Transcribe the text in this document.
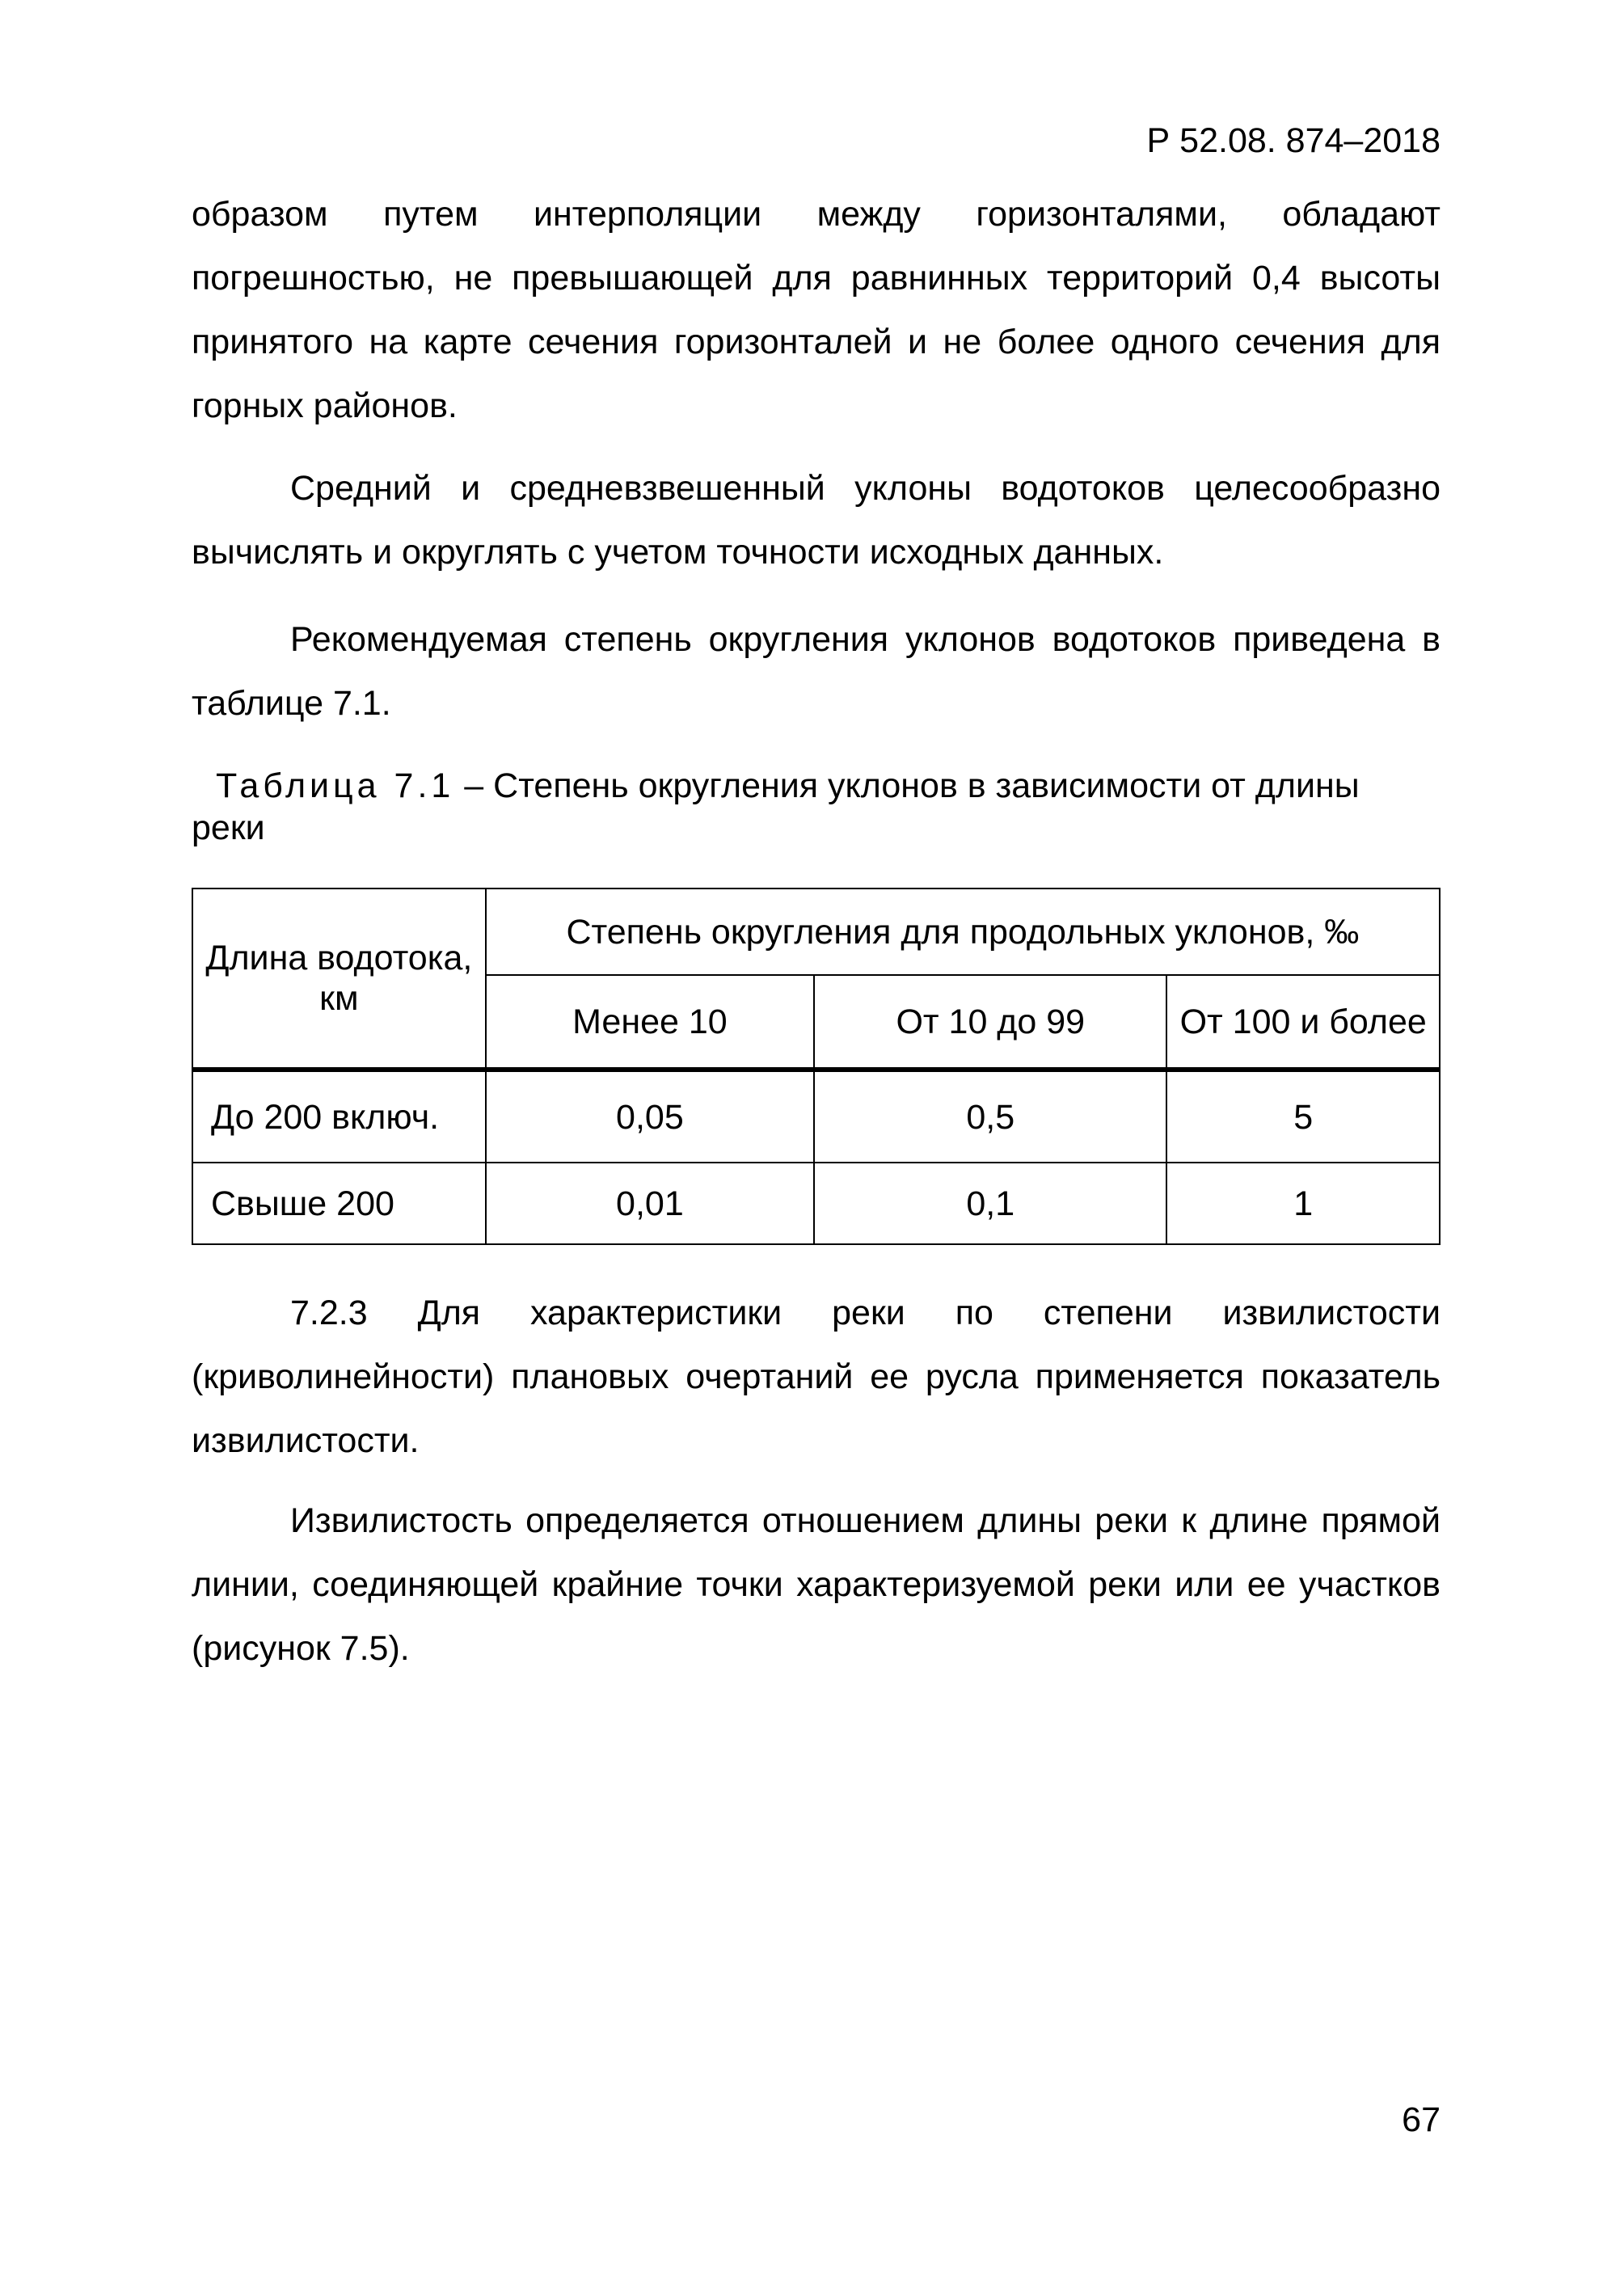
Р 52.08. 874–2018
образом путем интерполяции между горизонталями, обладают погрешностью, не превышающей для равнинных территорий 0,4 высоты принятого на карте сечения горизонталей и не более одного сечения для горных районов.
Средний и средневзвешенный уклоны водотоков целесообразно вычислять и округлять с учетом точности исходных данных.
Рекомендуемая степень округления уклонов водотоков приведена в таблице 7.1.
Таблица 7.1 – Степень округления уклонов в зависимости от длины реки
Длина водотока, км	Степень округления для продольных уклонов, ‰		
	Менее 10	От 10 до 99	От 100 и более
До 200 включ.	0,05	0,5	5
Свыше 200	0,01	0,1	1
7.2.3 Для характеристики реки по степени извилистости (криволинейности) плановых очертаний ее русла применяется показатель извилистости.
Извилистость определяется отношением длины реки к длине прямой линии, соединяющей крайние точки характеризуемой реки или ее участков (рисунок 7.5).
67
